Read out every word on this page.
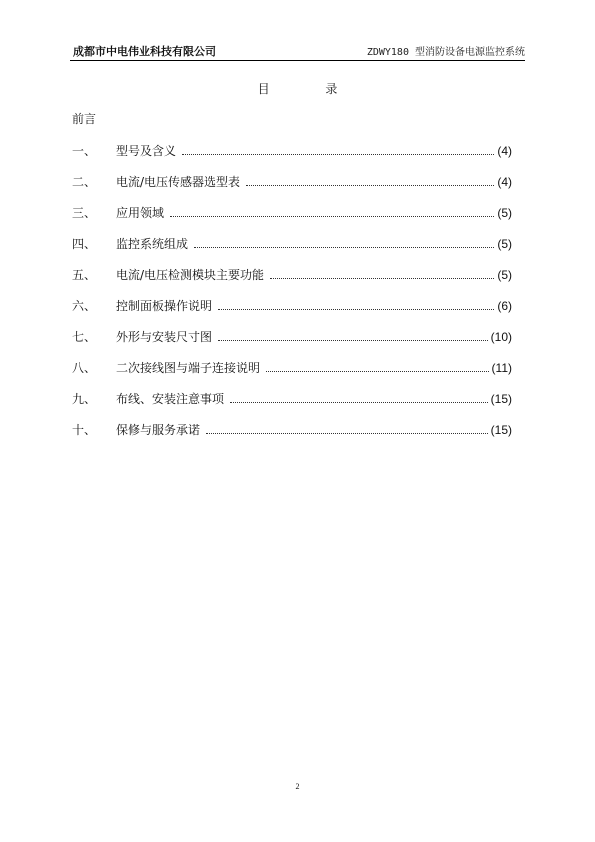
成都市中电伟业科技有限公司	ZDWY180 型消防设备电源监控系统
目 录
前言
一、	型号及含义	(4)
二、	电流/电压传感器选型表	(4)
三、	应用领域	(5)
四、	监控系统组成	(5)
五、	电流/电压检测模块主要功能	(5)
六、	控制面板操作说明	(6)
七、	外形与安装尺寸图	(10)
八、	二次接线图与端子连接说明	(11)
九、	布线、安装注意事项	(15)
十、	保修与服务承诺	(15)
2
